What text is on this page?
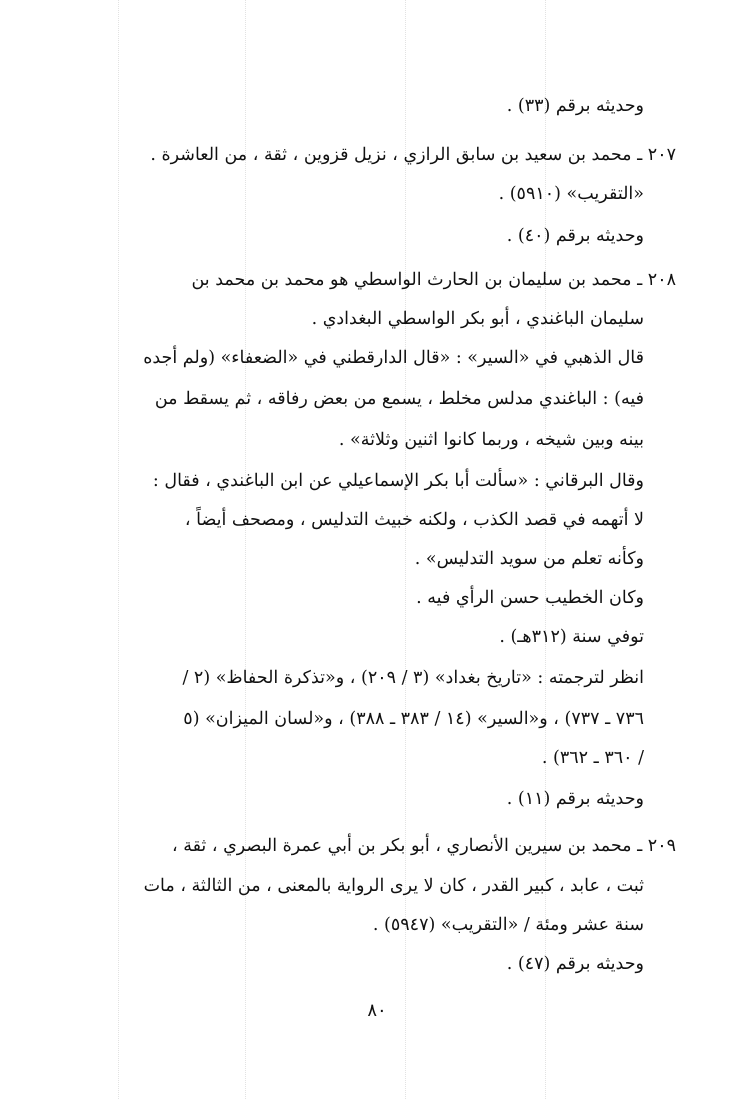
وحديثه برقم (٣٣) .
٢٠٧ ـ محمد بن سعيد بن سابق الرازي ، نزيل قزوين ، ثقة ، من العاشرة .
«التقريب» (٥٩١٠) .
وحديثه برقم (٤٠) .
٢٠٨ ـ محمد بن سليمان بن الحارث الواسطي هو محمد بن محمد بن
سليمان الباغندي ، أبو بكر الواسطي البغدادي .
قال الذهبي في «السير» : «قال الدارقطني في «الضعفاء» (ولم أجده
فيه) : الباغندي مدلس مخلط ، يسمع من بعض رفاقه ، ثم يسقط من
بينه وبين شيخه ، وربما كانوا اثنين وثلاثة» .
وقال البرقاني : «سألت أبا بكر الإسماعيلي عن ابن الباغندي ، فقال :
لا أتهمه في قصد الكذب ، ولكنه خبيث التدليس ، ومصحف أيضاً ،
وكأنه تعلم من سويد التدليس» .
وكان الخطيب حسن الرأي فيه .
توفي سنة (٣١٢هـ) .
انظر لترجمته : «تاريخ بغداد» (٣ / ٢٠٩) ، و«تذكرة الحفاظ» (٢ /
٧٣٦ ـ ٧٣٧) ، و«السير» (١٤ / ٣٨٣ ـ ٣٨٨) ، و«لسان الميزان» (٥
/ ٣٦٠ ـ ٣٦٢) .
وحديثه برقم (١١) .
٢٠٩ ـ محمد بن سيرين الأنصاري ، أبو بكر بن أبي عمرة البصري ، ثقة ،
ثبت ، عابد ، كبير القدر ، كان لا يرى الرواية بالمعنى ، من الثالثة ، مات
سنة عشر ومئة / «التقريب» (٥٩٤٧) .
وحديثه برقم (٤٧) .
٨٠
